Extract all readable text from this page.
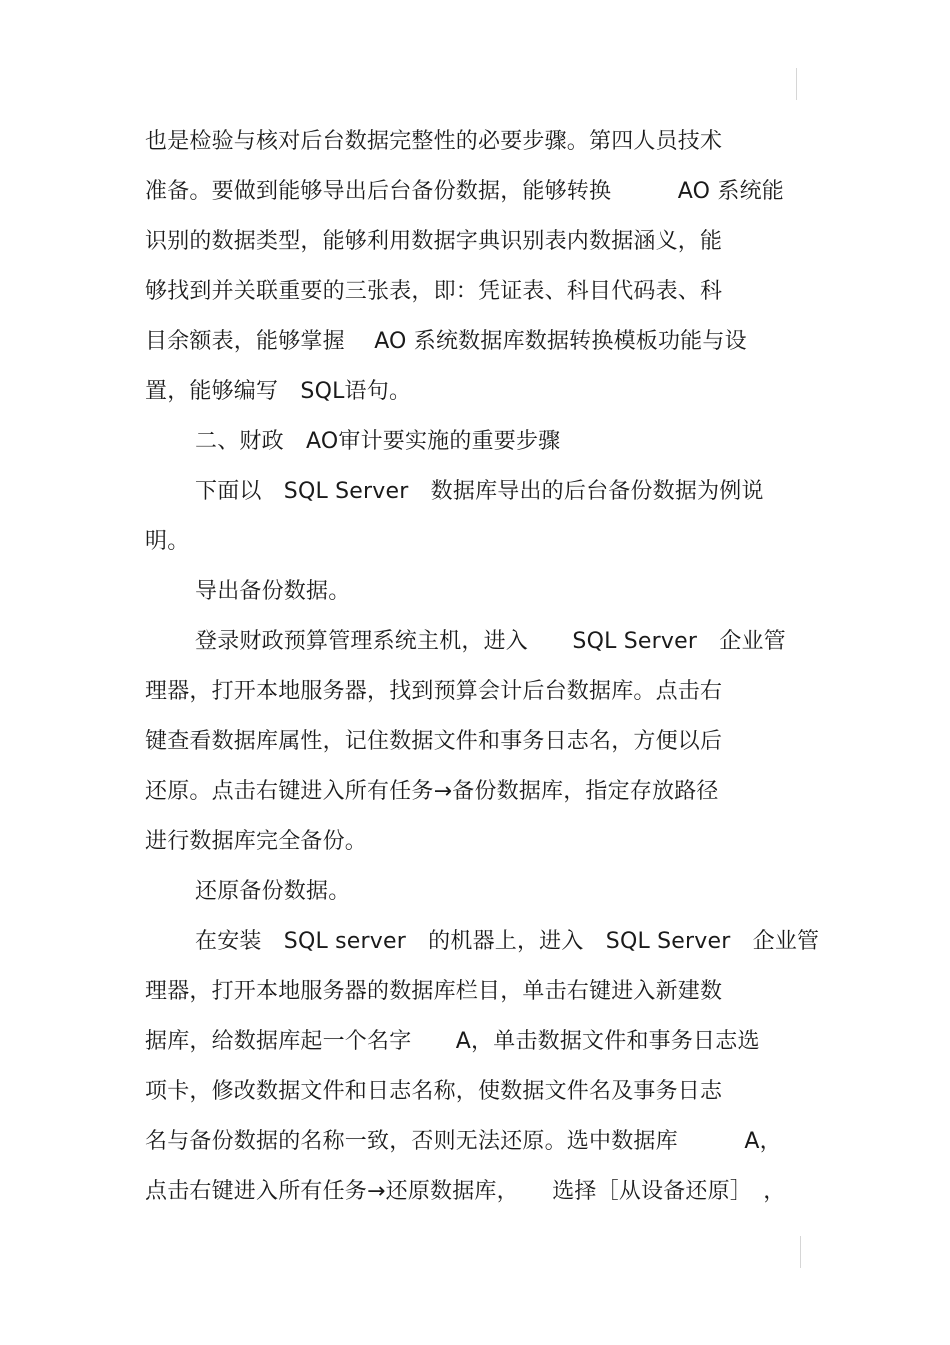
也是检验与核对后台数据完整性的必要步骤。第四人员技术
准备。要做到能够导出后台备份数据，能够转换　　　AO 系统能
识别的数据类型，能够利用数据字典识别表内数据涵义，能
够找到并关联重要的三张表，即：凭证表、科目代码表、科
目余额表，能够掌握　 AO 系统数据库数据转换模板功能与设
置，能够编写　SQL语句。
二、财政　AO审计要实施的重要步骤
下面以　SQL Server　数据库导出的后台备份数据为例说
明。
导出备份数据。
登录财政预算管理系统主机，进入　　SQL Server　企业管
理器，打开本地服务器，找到预算会计后台数据库。点击右
键查看数据库属性，记住数据文件和事务日志名，方便以后
还原。点击右键进入所有任务→备份数据库，指定存放路径
进行数据库完全备份。
还原备份数据。
在安装　SQL server　的机器上，进入　SQL Server　企业管
理器，打开本地服务器的数据库栏目，单击右键进入新建数
据库，给数据库起一个名字　　A，单击数据文件和事务日志选
项卡，修改数据文件和日志名称，使数据文件名及事务日志
名与备份数据的名称一致，否则无法还原。选中数据库　　　A，
点击右键进入所有任务→还原数据库，　　选择［从设备还原］　，
